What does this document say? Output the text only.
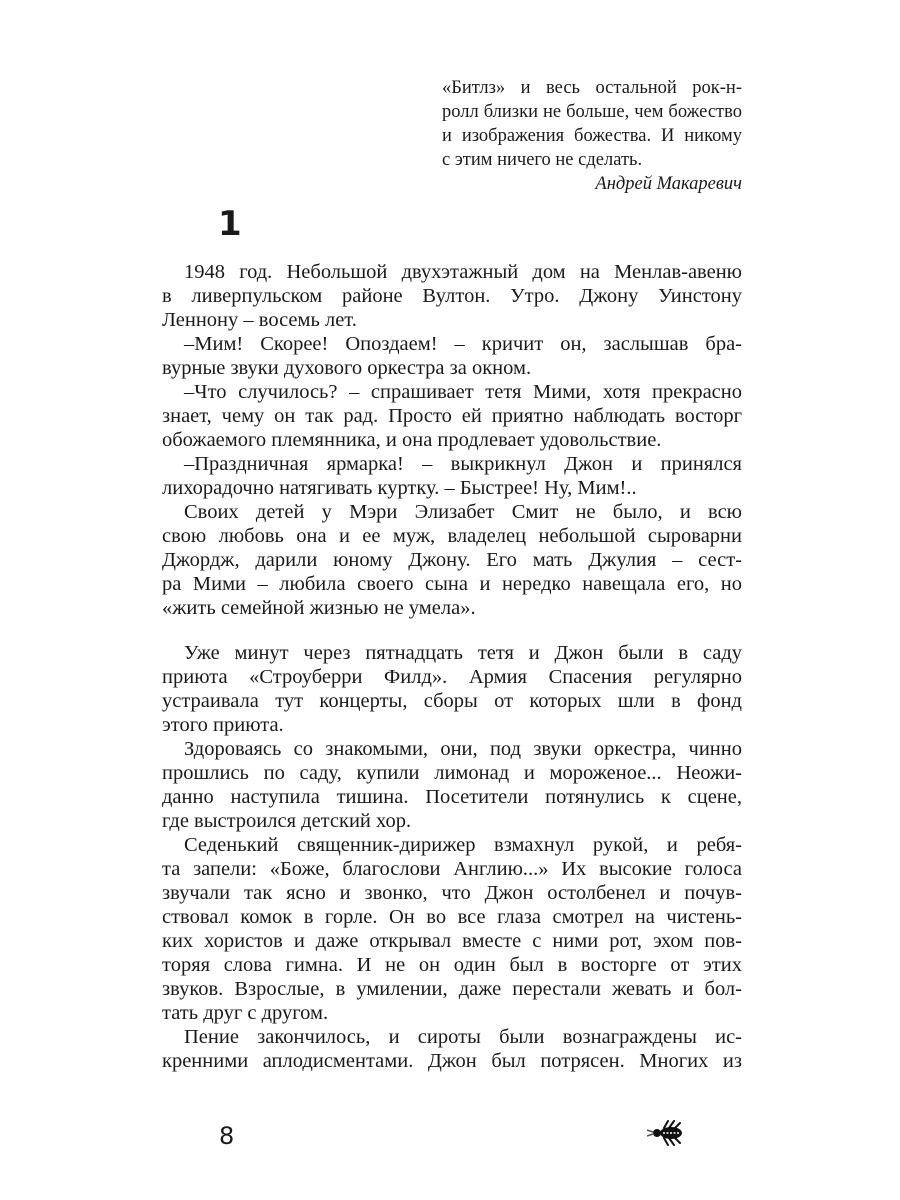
«Битлз» и весь остальной рок-н-
ролл близки не больше, чем божество
и изображения божества. И никому
с этим ничего не сделать.
Андрей Макаревич
1
1948 год. Небольшой двухэтажный дом на Менлав-авеню
в ливерпульском районе Вултон. Утро. Джону Уинстону
Леннону – восемь лет.
–Мим! Скорее! Опоздаем! – кричит он, заслышав бра-
вурные звуки духового оркестра за окном.
–Что случилось? – спрашивает тетя Мими, хотя прекрасно
знает, чему он так рад. Просто ей приятно наблюдать восторг
обожаемого племянника, и она продлевает удовольствие.
–Праздничная ярмарка! – выкрикнул Джон и принялся
лихорадочно натягивать куртку. – Быстрее! Ну, Мим!..
Своих детей у Мэри Элизабет Смит не было, и всю
свою любовь она и ее муж, владелец небольшой сыроварни
Джордж, дарили юному Джону. Его мать Джулия – сест-
ра Мими – любила своего сына и нередко навещала его, но
«жить семейной жизнью не умела».
Уже минут через пятнадцать тетя и Джон были в саду
приюта «Строуберри Филд». Армия Спасения регулярно
устраивала тут концерты, сборы от которых шли в фонд
этого приюта.
Здороваясь со знакомыми, они, под звуки оркестра, чинно
прошлись по саду, купили лимонад и мороженое... Неожи-
данно наступила тишина. Посетители потянулись к сцене,
где выстроился детский хор.
Седенький священник-дирижер взмахнул рукой, и ребя-
та запели: «Боже, благослови Англию...» Их высокие голоса
звучали так ясно и звонко, что Джон остолбенел и почув-
ствовал комок в горле. Он во все глаза смотрел на чистень-
ких хористов и даже открывал вместе с ними рот, эхом пов-
торяя слова гимна. И не он один был в восторге от этих
звуков. Взрослые, в умилении, даже перестали жевать и бол-
тать друг с другом.
Пение закончилось, и сироты были вознаграждены ис-
кренними аплодисментами. Джон был потрясен. Многих из
8
